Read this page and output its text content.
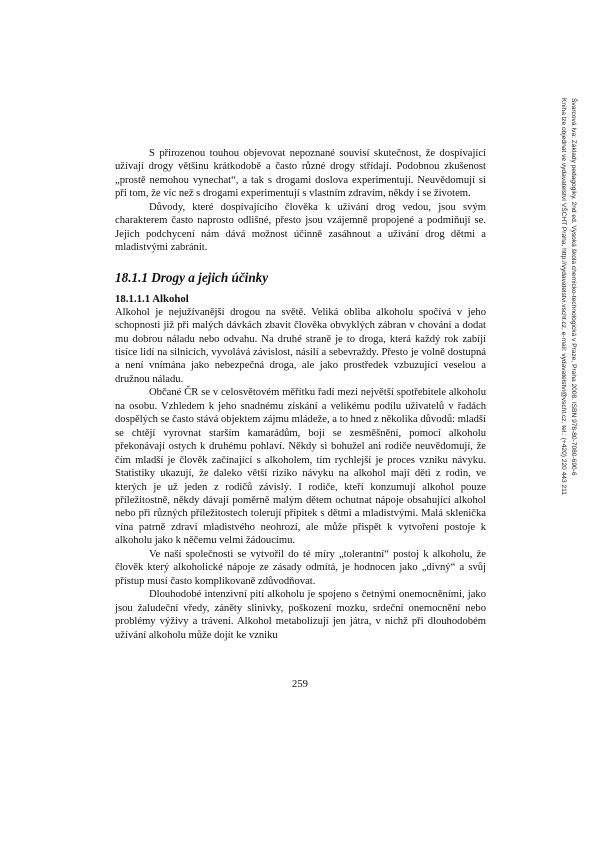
Švarcová Iva: Základy pedagogiky, 2nd ed. Vysoká škola chemicko-technologická v Praze, Praha 2008. ISBN 978-80-7080-690-6
Kniha lze objednat ve vydavatelství VŠCHT Praha, http://vydavatelstvi.vscht.cz, e-mail: vydavatelstvi@vscht.cz, tel.: (+420) 220 443 211

S přirozenou touhou objevovat nepoznané souvisí skutečnost, že dospívající užívají drogy většinu krátkodobě a často různé drogy střídají. Podobnou zkušenost „prostě nemohou vynechat“, a tak s drogami doslova experimentují. Neuvědomují si při tom, že víc než s drogami experimentují s vlastním zdravím, někdy i se životem.

Důvody, které dospívajícího člověka k užívání drog vedou, jsou svým charakterem často naprosto odlišné, přesto jsou vzájemně propojené a podmiňují se. Jejich podchycení nám dává možnost účinně zasáhnout a užívání drog dětmi a mladistvými zabránit.

18.1.1 Drogy a jejich účinky
18.1.1.1 Alkohol

Alkohol je nejužívanější drogou na světě. Veliká obliba alkoholu spočívá v jeho schopnosti již při malých dávkách zbavit člověka obvyklých zábran v chování a dodat mu dobrou náladu nebo odvahu. Na druhé straně je to droga, která každý rok zabíjí tisíce lidí na silnicích, vyvolává závislost, násilí a sebevraždy. Přesto je volně dostupná a není vnímána jako nebezpečná droga, ale jako prostředek vzbuzující veselou a družnou náladu.

Občané ČR se v celosvětovém měřítku řadí mezi největší spotřebitele alkoholu na osobu. Vzhledem k jeho snadnému získání a velikému podílu uživatelů v řadách dospělých se často stává objektem zájmu mládeže, a to hned z několika důvodů: mladší se chtějí vyrovnat starším kamarádům, bojí se zesměšnění, pomocí alkoholu překonávají ostych k druhému pohlaví. Někdy si bohužel ani rodiče neuvědomují, že čím mladší je člověk začínající s alkoholem, tím rychlejší je proces vzniku návyku. Statistiky ukazují, že daleko větší riziko návyku na alkohol mají děti z rodin, ve kterých je už jeden z rodičů závislý. I rodiče, kteří konzumují alkohol pouze příležitostně, někdy dávají poměrně malým dětem ochutnat nápoje obsahující alkohol nebo při různých příležitostech tolerují přípitek s dětmi a mladistvými. Malá sklenička vína patrně zdraví mladistvého neohrozí, ale může přispět k vytvoření postoje k alkoholu jako k něčemu velmi žádoucímu.

Ve naší společnosti se vytvořil do té míry „tolerantní“ postoj k alkoholu, že člověk který alkoholické nápoje ze zásady odmítá, je hodnocen jako „divný“ a svůj přístup musí často komplikovaně zdůvodňovat.

Dlouhodobé intenzivní pití alkoholu je spojeno s četnými onemocněními, jako jsou žaludeční vředy, záněty slinivky, poškození mozku, srdeční onemocnění nebo problémy výživy a trávení. Alkohol metabolizují jen játra, v nichž při dlouhodobém užívání alkoholu může dojít ke vzniku

259
